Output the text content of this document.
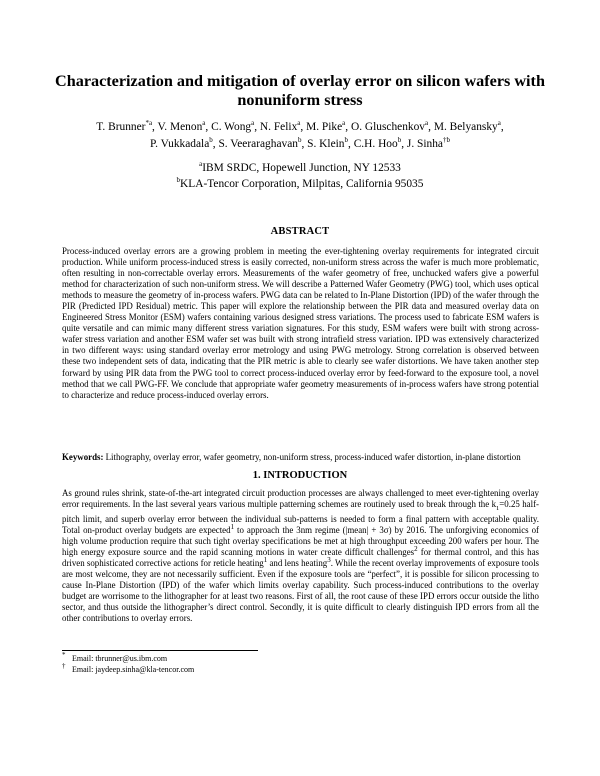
Characterization and mitigation of overlay error on silicon wafers with
nonuniform stress
T. Brunner$^{*a}$, V. Menon$^a$, C. Wong$^a$, N. Felix$^a$, M. Pike$^a$, O. Gluschenkov$^a$, M. Belyansky$^a$,
P. Vukkadala$^b$, S. Veeraraghavan$^b$, S. Klein$^b$, C.H. Hoo$^b$, J. Sinha$^{\dagger b}$
$^a$IBM SRDC, Hopewell Junction, NY 12533
$^b$KLA-Tencor Corporation, Milpitas, California 95035
ABSTRACT

Process-induced overlay errors are a growing problem in meeting the ever-tightening overlay requirements for integrated circuit production. While uniform process-induced stress is easily corrected, non-uniform stress across the wafer is much more problematic, often resulting in non-correctable overlay errors. Measurements of the wafer geometry of free, unchucked wafers give a powerful method for characterization of such non-uniform stress. We will describe a Patterned Wafer Geometry (PWG) tool, which uses optical methods to measure the geometry of in-process wafers. PWG data can be related to In-Plane Distortion (IPD) of the wafer through the PIR (Predicted IPD Residual) metric. This paper will explore the relationship between the PIR data and measured overlay data on Engineered Stress Monitor (ESM) wafers containing various designed stress variations. The process used to fabricate ESM wafers is quite versatile and can mimic many different stress variation signatures. For this study, ESM wafers were built with strong across-wafer stress variation and another ESM wafer set was built with strong intrafield stress variation. IPD was extensively characterized in two different ways: using standard overlay error metrology and using PWG metrology. Strong correlation is observed between these two independent sets of data, indicating that the PIR metric is able to clearly see wafer distortions. We have taken another step forward by using PIR data from the PWG tool to correct process-induced overlay error by feed-forward to the exposure tool, a novel method that we call PWG-FF. We conclude that appropriate wafer geometry measurements of in-process wafers have strong potential to characterize and reduce process-induced overlay errors.

Keywords: Lithography, overlay error, wafer geometry, non-uniform stress, process-induced wafer distortion, in-plane distortion

1. INTRODUCTION

As ground rules shrink, state-of-the-art integrated circuit production processes are always challenged to meet ever-tightening overlay error requirements. In the last several years various multiple patterning schemes are routinely used to break through the $k_1=0.25$ half-pitch limit, and superb overlay error between the individual sub-patterns is needed to form a final pattern with acceptable quality. Total on-product overlay budgets are expected$^1$ to approach the 3nm regime (|mean| + 3σ) by 2016. The unforgiving economics of high volume production require that such tight overlay specifications be met at high throughput exceeding 200 wafers per hour. The high energy exposure source and the rapid scanning motions in water create difficult challenges$^2$ for thermal control, and this has driven sophisticated corrective actions for reticle heating$^1$ and lens heating$^3$. While the recent overlay improvements of exposure tools are most welcome, they are not necessarily sufficient. Even if the exposure tools are “perfect”, it is possible for silicon processing to cause In-Plane Distortion (IPD) of the wafer which limits overlay capability. Such process-induced contributions to the overlay budget are worrisome to the lithographer for at least two reasons. First of all, the root cause of these IPD errors occur outside the litho sector, and thus outside the lithographer’s direct control. Secondly, it is quite difficult to clearly distinguish IPD errors from all the other contributions to overlay errors.

* Email: tbrunner@us.ibm.com

† Email: jaydeep.sinha@kla-tencor.com
